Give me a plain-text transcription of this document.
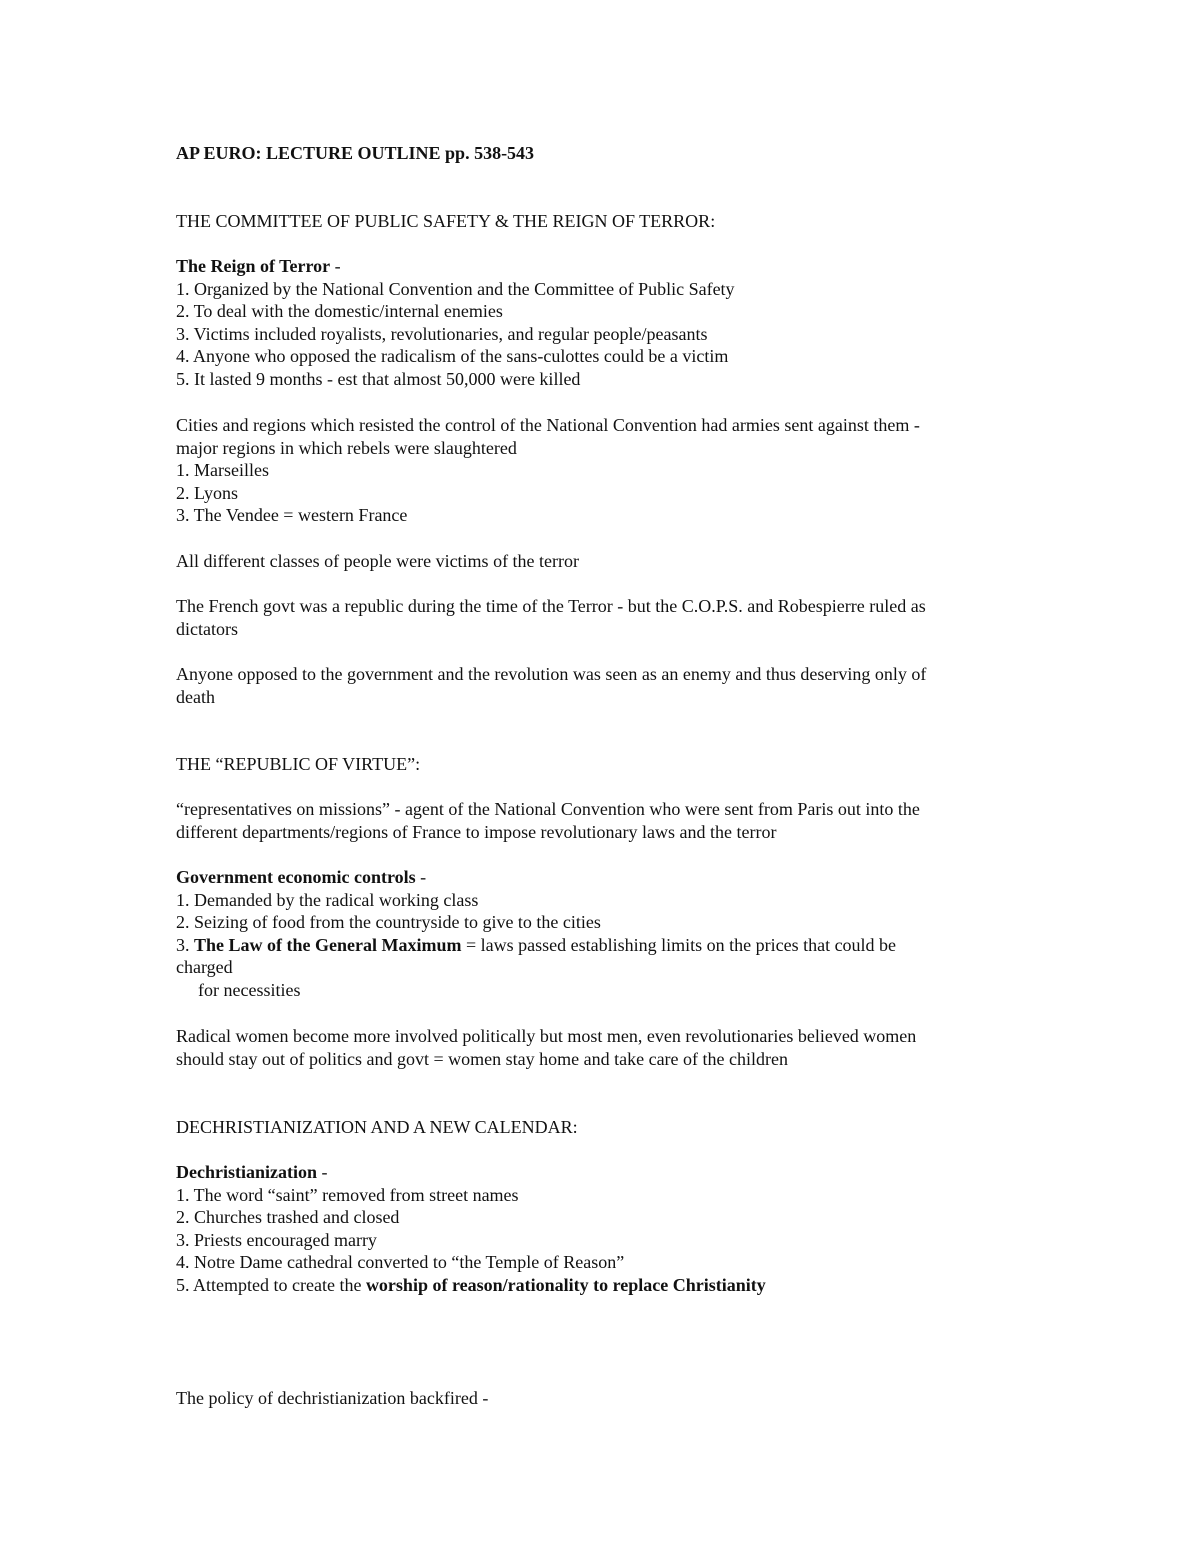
AP EURO: LECTURE OUTLINE pp. 538-543
THE COMMITTEE OF PUBLIC SAFETY & THE REIGN OF TERROR:
The Reign of Terror -
1. Organized by the National Convention and the Committee of Public Safety
2. To deal with the domestic/internal enemies
3. Victims included royalists, revolutionaries, and regular people/peasants
4. Anyone who opposed the radicalism of the sans-culottes could be a victim
5. It lasted 9 months - est that almost 50,000 were killed
Cities and regions which resisted the control of the National Convention had armies sent against them -
major regions in which rebels were slaughtered
1. Marseilles
2. Lyons
3. The Vendee = western France
All different classes of people were victims of the terror
The French govt was a republic during the time of the Terror - but the C.O.P.S. and Robespierre ruled as
dictators
Anyone opposed to the government and the revolution was seen as an enemy and thus deserving only of
death
THE “REPUBLIC OF VIRTUE”:
“representatives on missions” - agent of the National Convention who were sent from Paris out into the
different departments/regions of France to impose revolutionary laws and the terror
Government economic controls -
1. Demanded by the radical working class
2. Seizing of food from the countryside to give to the cities
3. The Law of the General Maximum = laws passed establishing limits on the prices that could be
charged
for necessities
Radical women become more involved politically but most men, even revolutionaries believed women
should stay out of politics and govt = women stay home and take care of the children
DECHRISTIANIZATION AND A NEW CALENDAR:
Dechristianization -
1. The word “saint” removed from street names
2. Churches trashed and closed
3. Priests encouraged marry
4. Notre Dame cathedral converted to “the Temple of Reason”
5. Attempted to create the worship of reason/rationality to replace Christianity
The policy of dechristianization backfired -
